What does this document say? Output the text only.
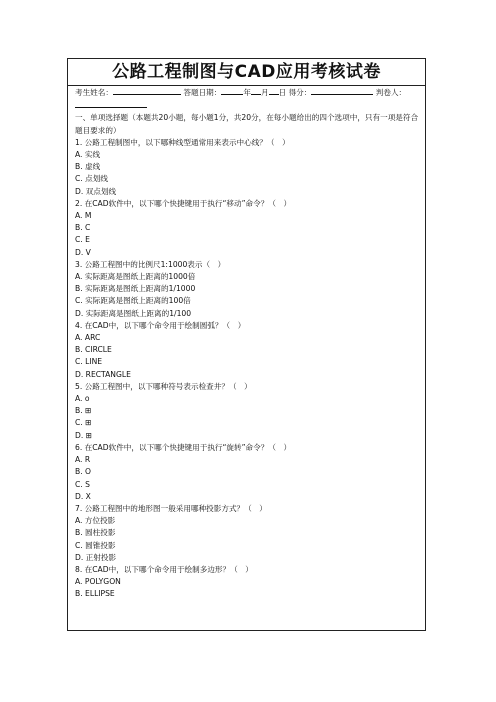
公路工程制图与CAD应用考核试卷
考生姓名：	答题日期：	年 月 日 得分：	判卷人：
一、单项选择题（本题共20小题，每小题1分，共20分，在每小题给出的四个选项中，只有一项是符合题目要求的）
1. 公路工程制图中，以下哪种线型通常用来表示中心线？（　）
A. 实线
B. 虚线
C. 点划线
D. 双点划线
2. 在CAD软件中，以下哪个快捷键用于执行“移动”命令？（　）
A. M
B. C
C. E
D. V
3. 公路工程图中的比例尺1:1000表示（　）
A. 实际距离是图纸上距离的1000倍
B. 实际距离是图纸上距离的1/1000
C. 实际距离是图纸上距离的100倍
D. 实际距离是图纸上距离的1/100
4. 在CAD中，以下哪个命令用于绘制圆弧？（　）
A. ARC
B. CIRCLE
C. LINE
D. RECTANGLE
5. 公路工程图中，以下哪种符号表示检查井？（　）
A. o
B. ⊞
C. ⊞
D. ⊞
6. 在CAD软件中，以下哪个快捷键用于执行“旋转”命令？（　）
A. R
B. O
C. S
D. X
7. 公路工程图中的地形图一般采用哪种投影方式？（　）
A. 方位投影
B. 圆柱投影
C. 圆锥投影
D. 正射投影
8. 在CAD中，以下哪个命令用于绘制多边形？（　）
A. POLYGON
B. ELLIPSE
